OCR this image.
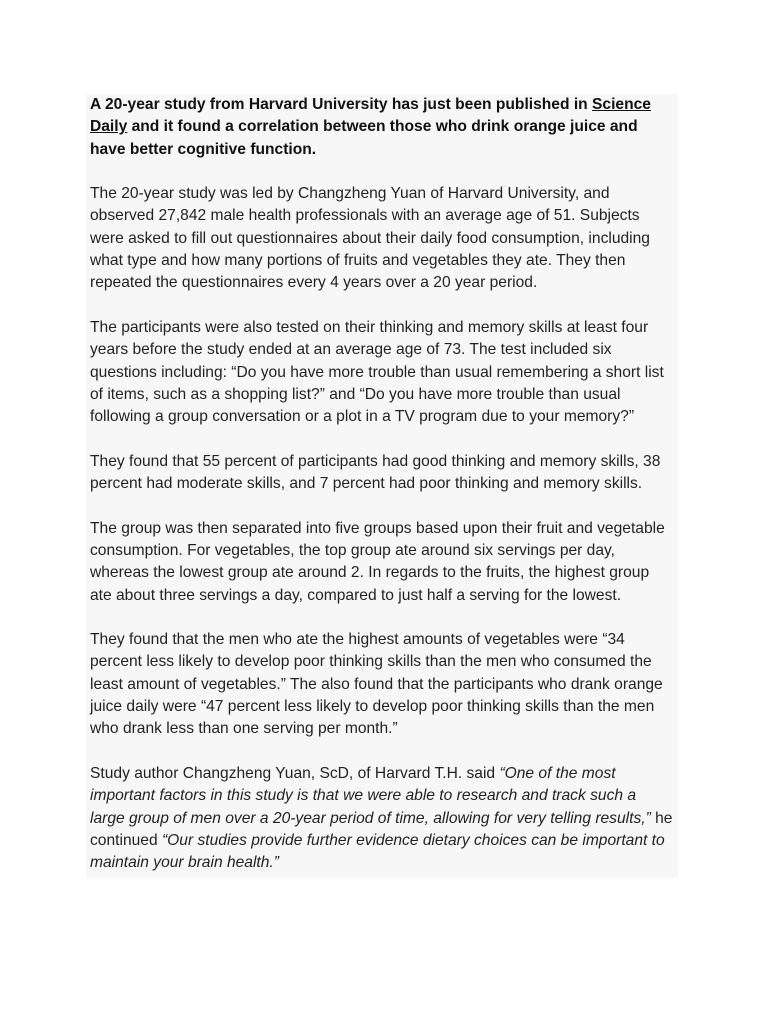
A 20-year study from Harvard University has just been published in Science Daily and it found a correlation between those who drink orange juice and have better cognitive function.

The 20-year study was led by Changzheng Yuan of Harvard University, and observed 27,842 male health professionals with an average age of 51. Subjects were asked to fill out questionnaires about their daily food consumption, including what type and how many portions of fruits and vegetables they ate. They then repeated the questionnaires every 4 years over a 20 year period.

The participants were also tested on their thinking and memory skills at least four years before the study ended at an average age of 73. The test included six questions including: “Do you have more trouble than usual remembering a short list of items, such as a shopping list?” and “Do you have more trouble than usual following a group conversation or a plot in a TV program due to your memory?”

They found that 55 percent of participants had good thinking and memory skills, 38 percent had moderate skills, and 7 percent had poor thinking and memory skills.

The group was then separated into five groups based upon their fruit and vegetable consumption. For vegetables, the top group ate around six servings per day, whereas the lowest group ate around 2. In regards to the fruits, the highest group ate about three servings a day, compared to just half a serving for the lowest.

They found that the men who ate the highest amounts of vegetables were “34 percent less likely to develop poor thinking skills than the men who consumed the least amount of vegetables.” The also found that the participants who drank orange juice daily were “47 percent less likely to develop poor thinking skills than the men who drank less than one serving per month.”

Study author Changzheng Yuan, ScD, of Harvard T.H. said “One of the most important factors in this study is that we were able to research and track such a large group of men over a 20-year period of time, allowing for very telling results,” he continued “Our studies provide further evidence dietary choices can be important to maintain your brain health.”
